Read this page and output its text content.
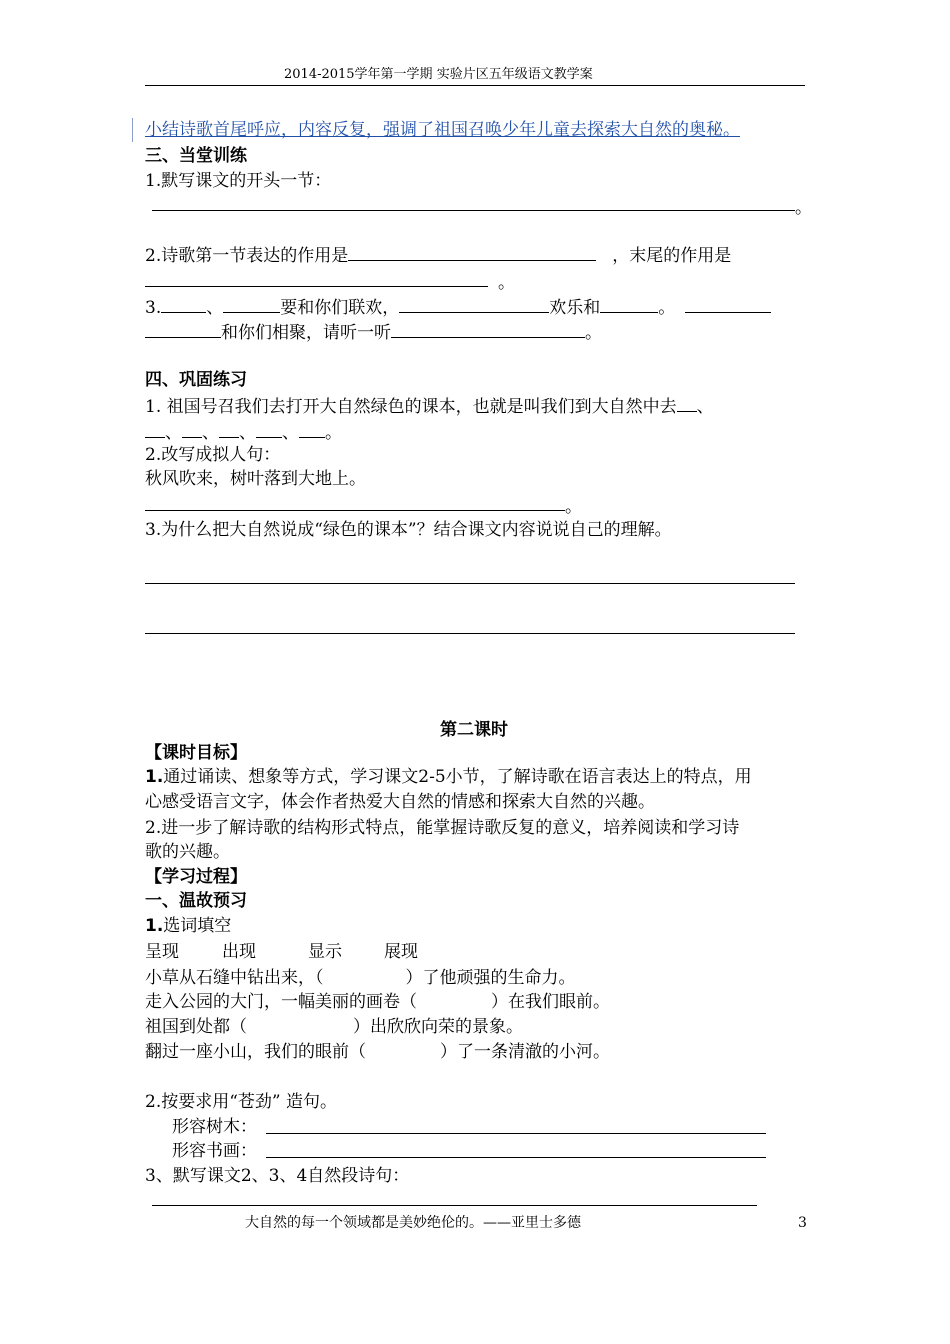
2014-2015学年第一学期 实验片区五年级语文教学案
小结诗歌首尾呼应，内容反复，强调了祖国召唤少年儿童去探索大自然的奥秘。
三、当堂训练
1.默写课文的开头一节：
。
2.诗歌第一节表达的作用是	，末尾的作用是
。
3.	、	要和你们联欢，	欢乐和	。
和你们相聚，请听一听	。
四、巩固练习
1. 祖国号召我们去打开大自然绿色的课本，也就是叫我们到大自然中去 、
、 、 、 、 。
2.改写成拟人句：
秋风吹来，树叶落到大地上。
。
3.为什么把大自然说成“绿色的课本”？结合课文内容说说自己的理解。
第二课时
【课时目标】
1.通过诵读、想象等方式，学习课文2-5小节，了解诗歌在语言表达上的特点，用
心感受语言文字，体会作者热爱大自然的情感和探索大自然的兴趣。
2.进一步了解诗歌的结构形式特点，能掌握诗歌反复的意义，培养阅读和学习诗
歌的兴趣。
【学习过程】
一、温故预习
1.选词填空
呈现	出现	显示 展现
小草从石缝中钻出来，（	）了他顽强的生命力。
走入公园的大门，一幅美丽的画卷（	）在我们眼前。
祖国到处都（	）出欣欣向荣的景象。
翻过一座小山，我们的眼前（	）了一条清澈的小河。
2.按要求用“苍劲” 造句。
形容树木：
形容书画：
3、默写课文2、3、4自然段诗句：
大自然的每一个领域都是美妙绝伦的。——亚里士多德	3
